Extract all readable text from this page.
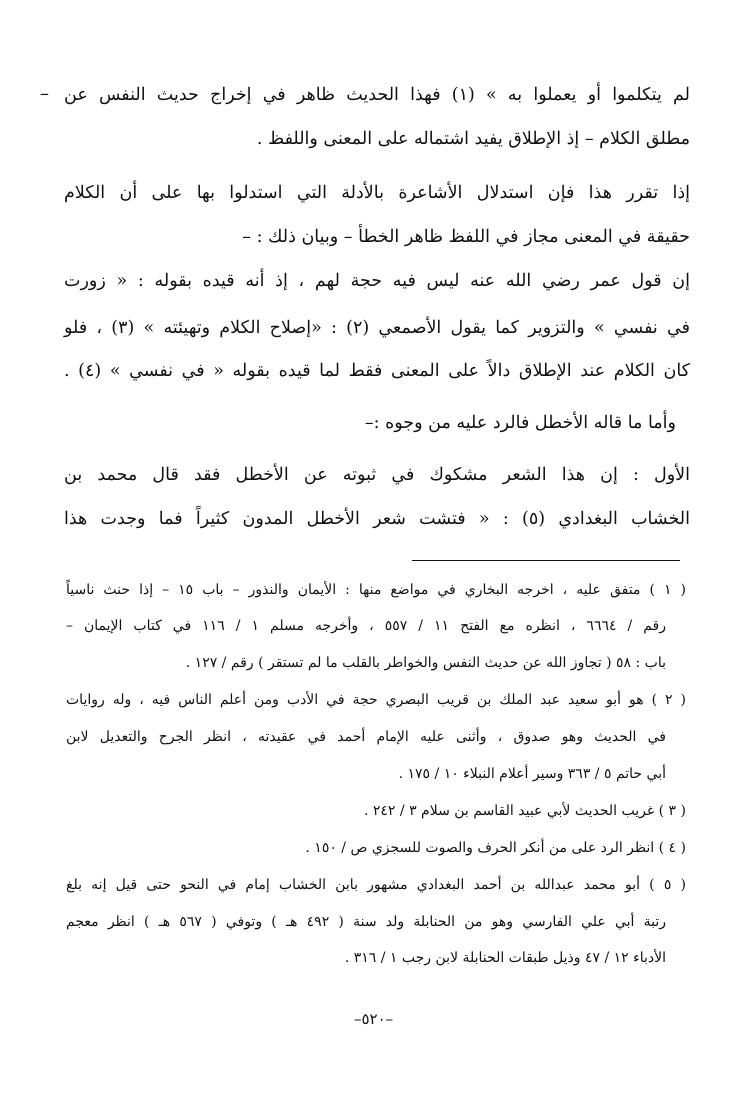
– لم يتكلموا أو يعملوا به » (١) فهذا الحديث ظاهر في إخراج حديث النفس عن
مطلق الكلام – إذ الإطلاق يفيد اشتماله على المعنى واللفظ .
إذا تقرر هذا فإن استدلال الأشاعرة بالأدلة التي استدلوا بها على أن الكلام
حقيقة في المعنى مجاز في اللفظ ظاهر الخطأ – وبيان ذلك : –
إن قول عمر رضي الله عنه ليس فيه حجة لهم ، إذ أنه قيده بقوله : « زورت
في نفسي » والتزوير كما يقول الأصمعي (٢) : «إصلاح الكلام وتهيئته » (٣) ، فلو
كان الكلام عند الإطلاق دالاً على المعنى فقط لما قيده بقوله « في نفسي » (٤) .
وأما ما قاله الأخطل فالرد عليه من وجوه :–
الأول : إن هذا الشعر مشكوك في ثبوته عن الأخطل فقد قال محمد بن
الخشاب البغدادي (٥) : « فتشت شعر الأخطل المدون كثيراً فما وجدت هذا
( ١ ) متفق عليه ، اخرجه البخاري في مواضع منها : الأيمان والنذور – باب ١٥ – إذا حنث ناسياً
رقم / ٦٦٦٤ ، انظره مع الفتح ١١ / ٥٥٧ ، وأخرجه مسلم ١ / ١١٦ في كتاب الإيمان –
باب : ٥٨ ( تجاوز الله عن حديث النفس والخواطر بالقلب ما لم تستقر ) رقم / ١٢٧ .
( ٢ ) هو أبو سعيد عبد الملك بن قريب البصري حجة في الأدب ومن أعلم الناس فيه ، وله روايات
في الحديث وهو صدوق ، وأثنى عليه الإمام أحمد في عقيدته ، انظر الجرح والتعديل لابن
أبي حاتم ٥ / ٣٦٣ وسير أعلام النبلاء ١٠ / ١٧٥ .
( ٣ ) غريب الحديث لأبي عبيد القاسم بن سلام ٣ / ٢٤٢ .
( ٤ ) انظر الرد على من أنكر الحرف والصوت للسجزي ص / ١٥٠ .
( ٥ ) أبو محمد عبدالله بن أحمد البغدادي مشهور بابن الخشاب إمام في النحو حتى قيل إنه بلغ
رتبة أبي علي الفارسي وهو من الحنابلة ولد سنة ( ٤٩٢ هـ ) وتوفي ( ٥٦٧ هـ ) انظر معجم
الأدباء ١٢ / ٤٧ وذيل طبقات الحنابلة لابن رجب ١ / ٣١٦ .
–٥٢٠–
